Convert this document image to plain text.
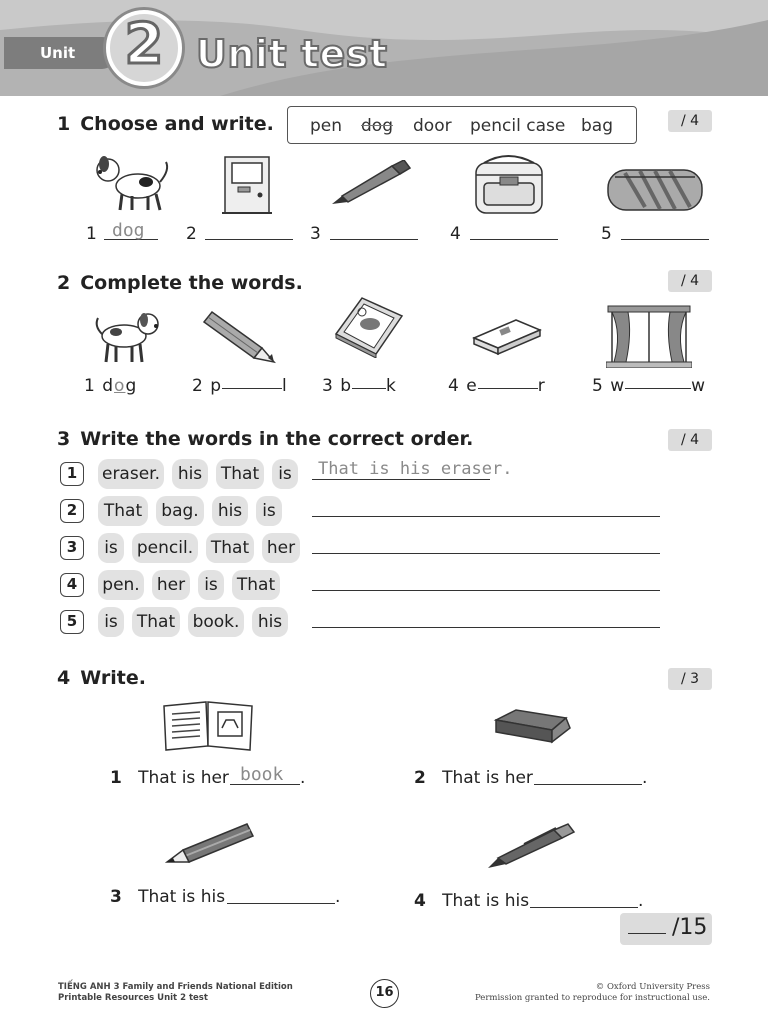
Unit 2 Unit test
1 Choose and write. pen dog door pencil case bag	/ 4
1 dog 2	3	4	5
2 Complete the words.	/ 4
1 dog	2 p	l 3 b k	4 e	r	5 w	w
3 Write the words in the correct order.	/ 4
1	eraser.	his	That	is	That is his eraser.
2	That	bag.	his	is
3	is	pencil. That her
4	pen. her	is	That
5	is	That book.	his
4 Write.	/ 3
1 That is her book .	2 That is her	.
3 That is his	.	4 That is his	.
/15
TIẾNG ANH 3 Family and Friends National Edition
Printable Resources Unit 2 test	16	© Oxford University Press
Permission granted to reproduce for instructional use.
